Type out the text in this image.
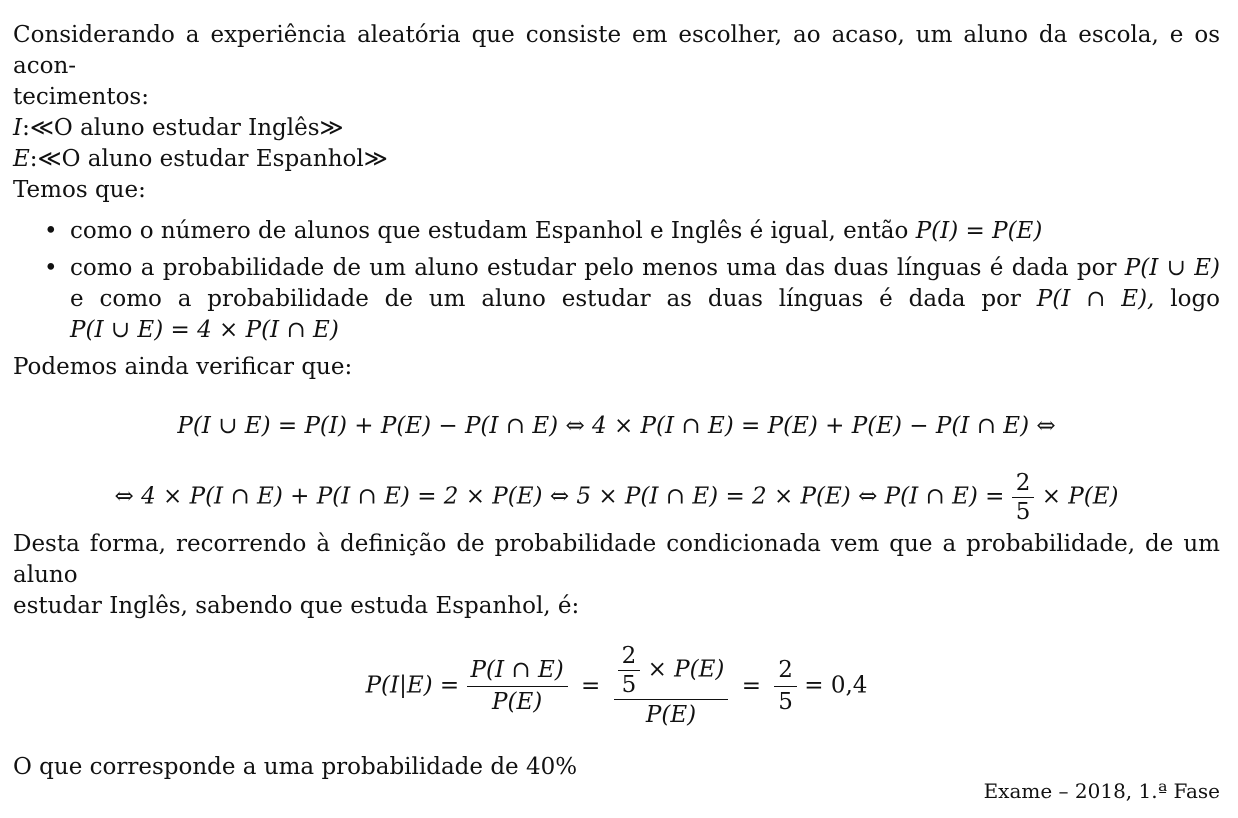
Considerando a experiência aleatória que consiste em escolher, ao acaso, um aluno da escola, e os acon-

tecimentos:

I:≪O aluno estudar Inglês≫

E:≪O aluno estudar Espanhol≫

Temos que:

• como o número de alunos que estudam Espanhol e Inglês é igual, então P(I) = P(E)
• como a probabilidade de um aluno estudar pelo menos uma das duas línguas é dada por P(I ∪ E)
e como a probabilidade de um aluno estudar as duas línguas é dada por P(I ∩ E), logo
P(I ∪ E) = 4 × P(I ∩ E)

Podemos ainda verificar que:

P(I ∪ E) = P(I) + P(E) − P(I ∩ E) ⇔ 4 × P(I ∩ E) = P(E) + P(E) − P(I ∩ E) ⇔
⇔ 4 × P(I ∩ E) + P(I ∩ E) = 2 × P(E) ⇔ 5 × P(I ∩ E) = 2 × P(E) ⇔ P(I ∩ $E) = \frac{2}{5} \times P(E)$

Desta forma, recorrendo à definição de probabilidade condicionada vem que a probabilidade, de um aluno

estudar Inglês, sabendo que estuda Espanhol, é:

$P(I|E) = \frac{P(I \cap E)}{P(E)} = \frac{\frac{2}{5} \times P(E)}{P(E)} = \frac{2}{5} = 0,4$

O que corresponde a uma probabilidade de 40%

Exame – 2018, 1.ª Fase
